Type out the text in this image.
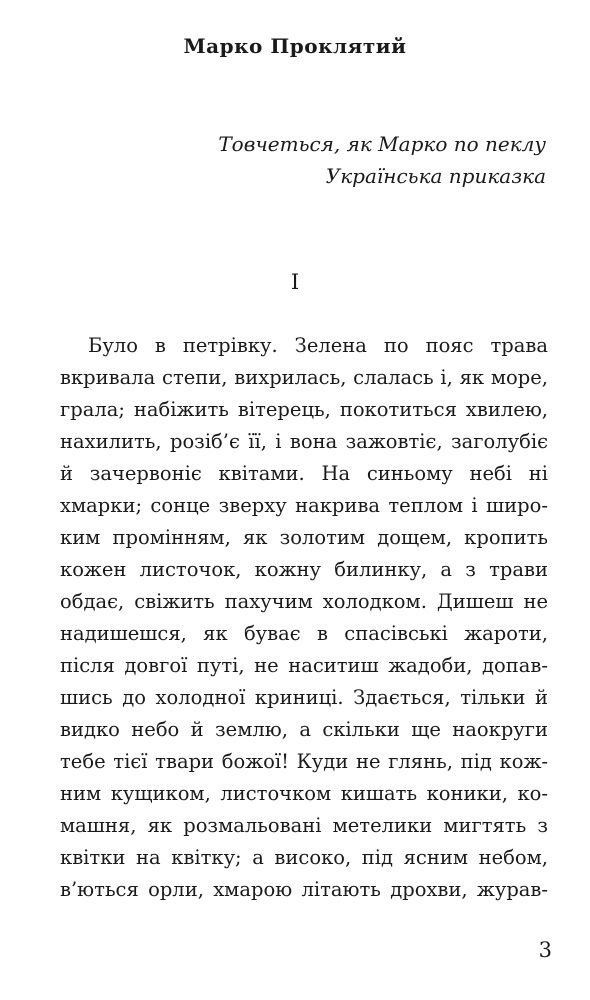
Марко Проклятий
Товчеться, як Марко по пеклу
Українська приказка
I
Було в петрівку. Зелена по пояс трава
вкривала степи, вихрилась, слалась і, як море,
грала; набіжить вітерець, покотиться хвилею,
нахилить, розіб’є її, і вона зажовтіє, заголубіє
й зачервоніє квітами. На синьому небі ні
хмарки; сонце зверху накрива теплом і широ-
ким промінням, як золотим дощем, кропить
кожен листочок, кожну билинку, а з трави
обдає, свіжить пахучим холодком. Дишеш не
надишешся, як буває в спасівські жароти,
після довгої путі, не наситиш жадоби, допав-
шись до холодної криниці. Здається, тільки й
видко небо й землю, а скільки ще наокруги
тебе тієї твари божої! Куди не глянь, під кож-
ним кущиком, листочком кишать коники, ко-
машня, як розмальовані метелики мигтять з
квітки на квітку; а високо, під ясним небом,
в’ються орли, хмарою літають дрохви, журав-
3
